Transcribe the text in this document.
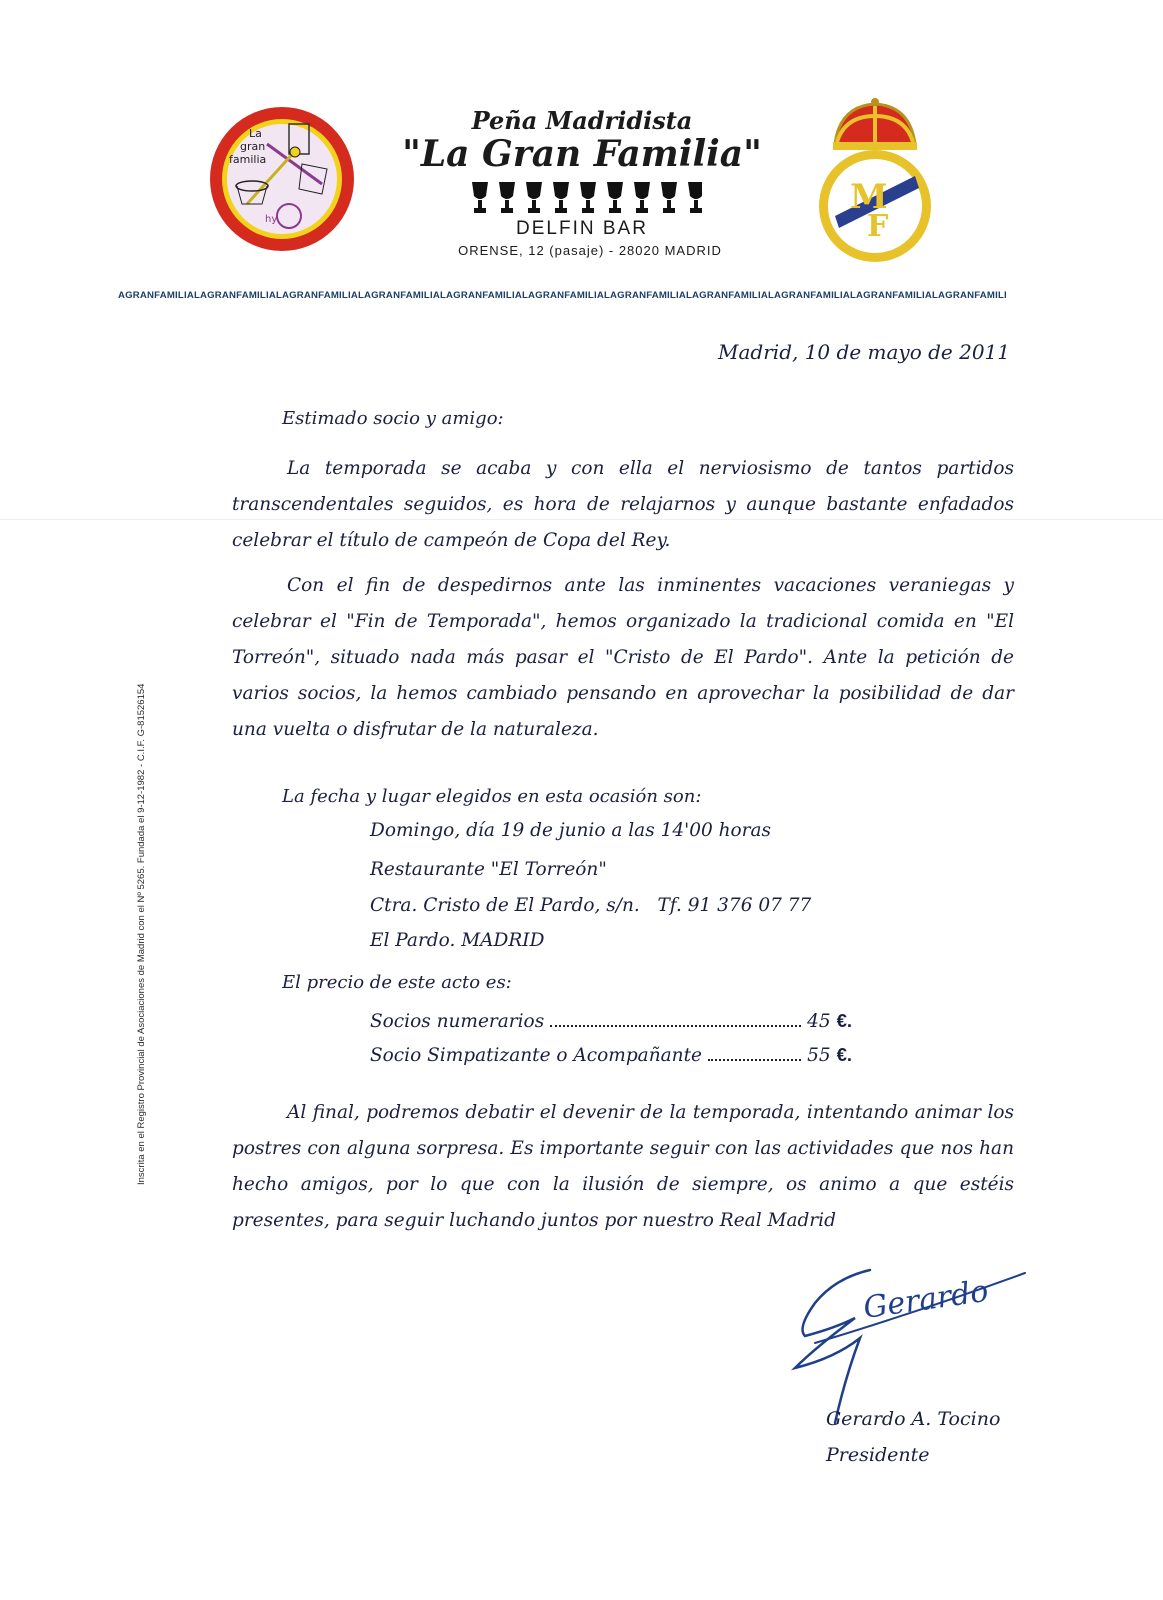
hy
La
gran
familia
Peña Madridista
"La Gran Familia"
DELFIN BAR
ORENSE, 12 (pasaje) - 28020 MADRID
M
F
AGRANFAMILIALAGRANFAMILIALAGRANFAMILIALAGRANFAMILIALAGRANFAMILIALAGRANFAMILIALAGRANFAMILIALAGRANFAMILIALAGRANFAMILIALAGRANFAMILIALAGRANFAMILI
Inscrita en el Registro Provincial de Asociaciones de Madrid con el Nº 5265. Fundada el 9-12-1982 - C.I.F. G-81526154
Madrid, 10 de mayo de 2011
Estimado socio y amigo:
La temporada se acaba y con ella el nerviosismo de tantos partidos transcendentales seguidos, es hora de relajarnos y aunque bastante enfadados celebrar el título de campeón de Copa del Rey.
Con el fin de despedirnos ante las inminentes vacaciones veraniegas y celebrar el "Fin de Temporada", hemos organizado la tradicional comida en "El Torreón", situado nada más pasar el "Cristo de El Pardo". Ante la petición de varios socios, la hemos cambiado pensando en aprovechar la posibilidad de dar una vuelta o disfrutar de la naturaleza.
La fecha y lugar elegidos en esta ocasión son:
Domingo, día 19 de junio a las 14'00 horas
Restaurante "El Torreón"
Ctra. Cristo de El Pardo, s/n.   Tf. 91 376 07 77
El Pardo. MADRID
El precio de este acto es:
Socios numerarios	45 €.
Socio Simpatizante o Acompañante	55 €.
Al final, podremos debatir el devenir de la temporada, intentando animar los postres con alguna sorpresa. Es importante seguir con las actividades que nos han hecho amigos, por lo que con la ilusión de siempre, os animo a que estéis presentes, para seguir luchando juntos por nuestro Real Madrid
Gerardo
Gerardo A. Tocino
Presidente
